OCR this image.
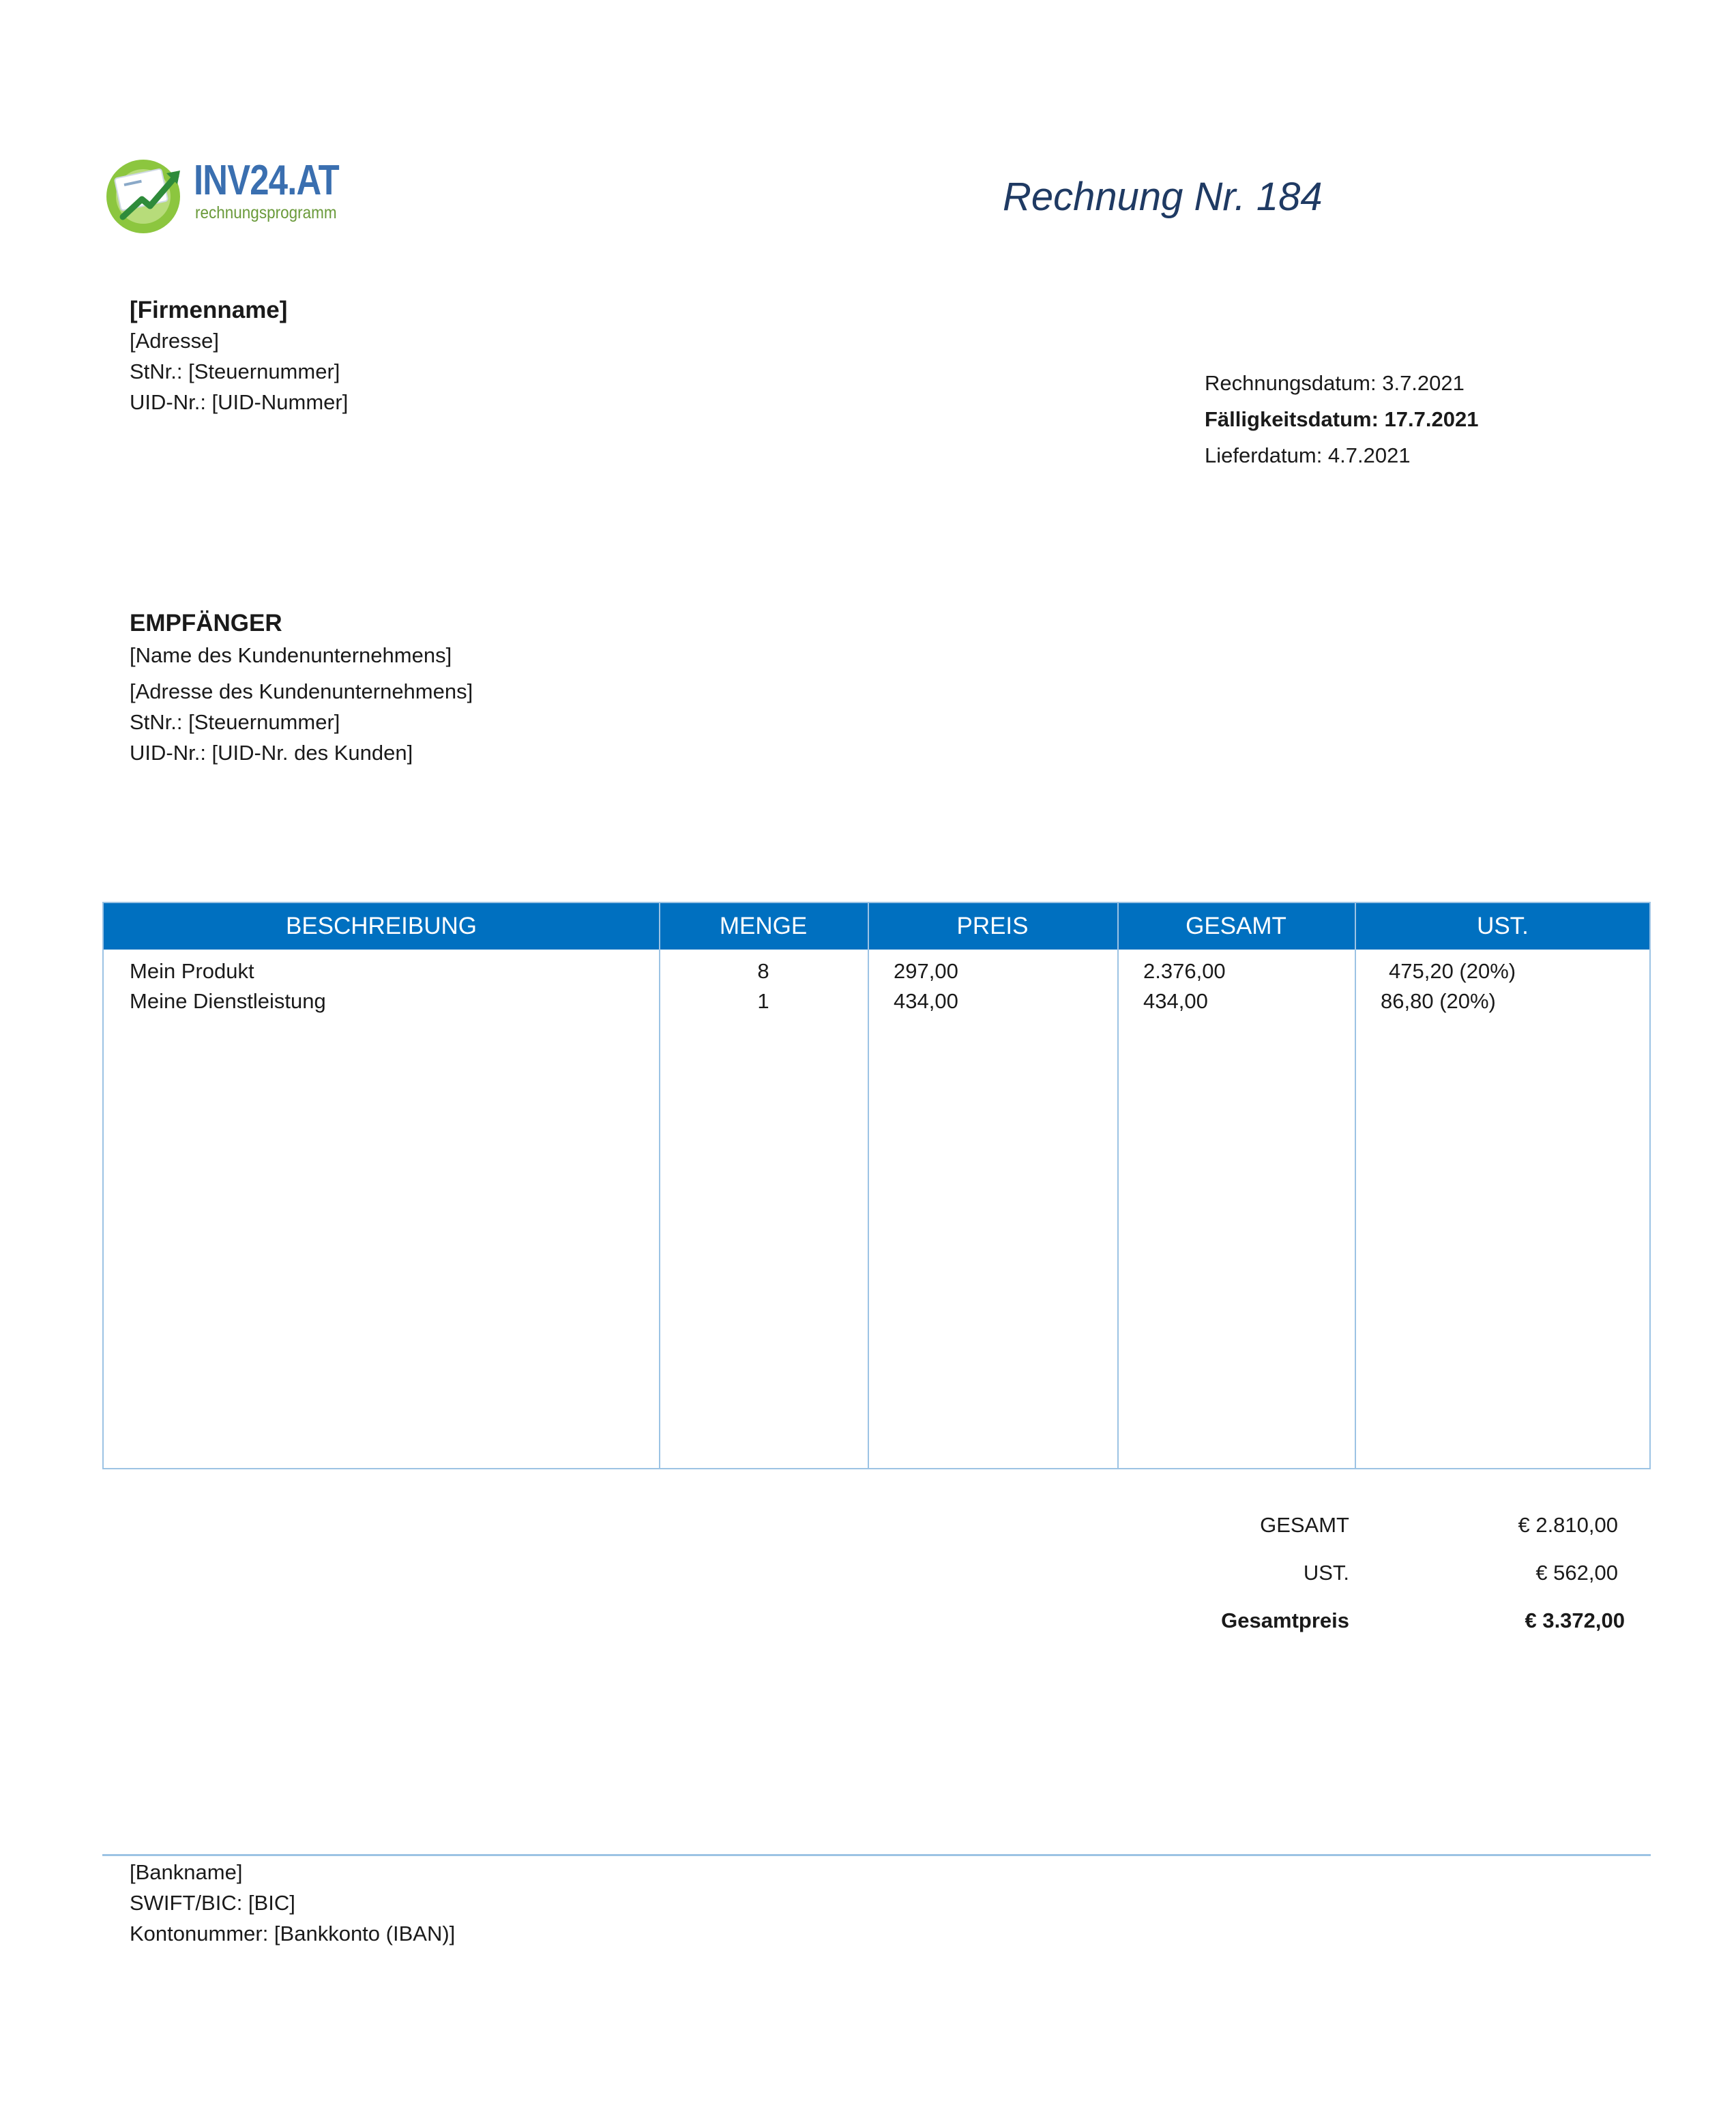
INV24.AT
rechnungsprogramm	Rechnung Nr. 184
[Firmenname]
[Adresse]
StNr.: [Steuernummer]
UID-Nr.: [UID-Nummer]
Rechnungsdatum: 3.7.2021
Fälligkeitsdatum: 17.7.2021
Lieferdatum: 4.7.2021
EMPFÄNGER
[Name des Kundenunternehmens]
[Adresse des Kundenunternehmens]
StNr.: [Steuernummer]
UID-Nr.: [UID-Nr. des Kunden]
BESCHREIBUNG	MENGE	PREIS	GESAMT	UST.
Mein Produkt	8	297,00	2.376,00	475,20 (20%)
Meine Dienstleistung	1	434,00	434,00	86,80 (20%)
GESAMT	€ 2.810,00
UST.	€ 562,00
Gesamtpreis	€ 3.372,00
[Bankname]
SWIFT/BIC: [BIC]
Kontonummer: [Bankkonto (IBAN)]
